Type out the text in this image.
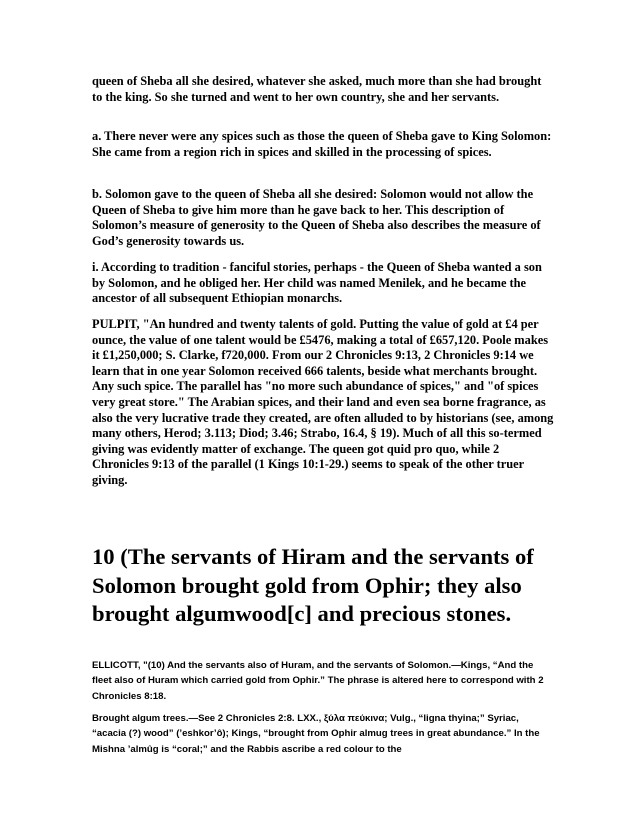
queen of Sheba all she desired, whatever she asked, much more than she had brought to the king. So she turned and went to her own country, she and her servants.

a. There never were any spices such as those the queen of Sheba gave to King Solomon: She came from a region rich in spices and skilled in the processing of spices.

b. Solomon gave to the queen of Sheba all she desired: Solomon would not allow the Queen of Sheba to give him more than he gave back to her. This description of Solomon’s measure of generosity to the Queen of Sheba also describes the measure of God’s generosity towards us.

i. According to tradition - fanciful stories, perhaps - the Queen of Sheba wanted a son by Solomon, and he obliged her. Her child was named Menilek, and he became the ancestor of all subsequent Ethiopian monarchs.

PULPIT, "An hundred and twenty talents of gold. Putting the value of gold at £4 per ounce, the value of one talent would be £5476, making a total of £657,120. Poole makes it £1,250,000; S. Clarke, f720,000. From our 2 Chronicles 9:13, 2 Chronicles 9:14 we learn that in one year Solomon received 666 talents, beside what merchants brought. Any such spice. The parallel has "no more such abundance of spices," and "of spices very great store." The Arabian spices, and their land and even sea borne fragrance, as also the very lucrative trade they created, are often alluded to by historians (see, among many others, Herod; 3.113; Diod; 3.46; Strabo, 16.4, § 19). Much of all this so-termed giving was evidently matter of exchange. The queen got quid pro quo, while 2 Chronicles 9:13 of the parallel (1 Kings 10:1-29.) seems to speak of the other truer giving.

10 (The servants of Hiram and the servants of Solomon brought gold from Ophir; they also brought algumwood[c] and precious stones.

ELLICOTT, "(10) And the servants also of Huram, and the servants of Solomon.—Kings, “And the fleet also of Huram which carried gold from Ophir.” The phrase is altered here to correspond with 2 Chronicles 8:18.

Brought algum trees.—See 2 Chronicles 2:8. LXX., ξύλα πεύκινα; Vulg., “ligna thyina;” Syriac, “acacia (?) wood” (’eshkor’ô); Kings, “brought from Ophir almug trees in great abundance.” In the Mishna ’almûg is “coral;” and the Rabbis ascribe a red colour to the
